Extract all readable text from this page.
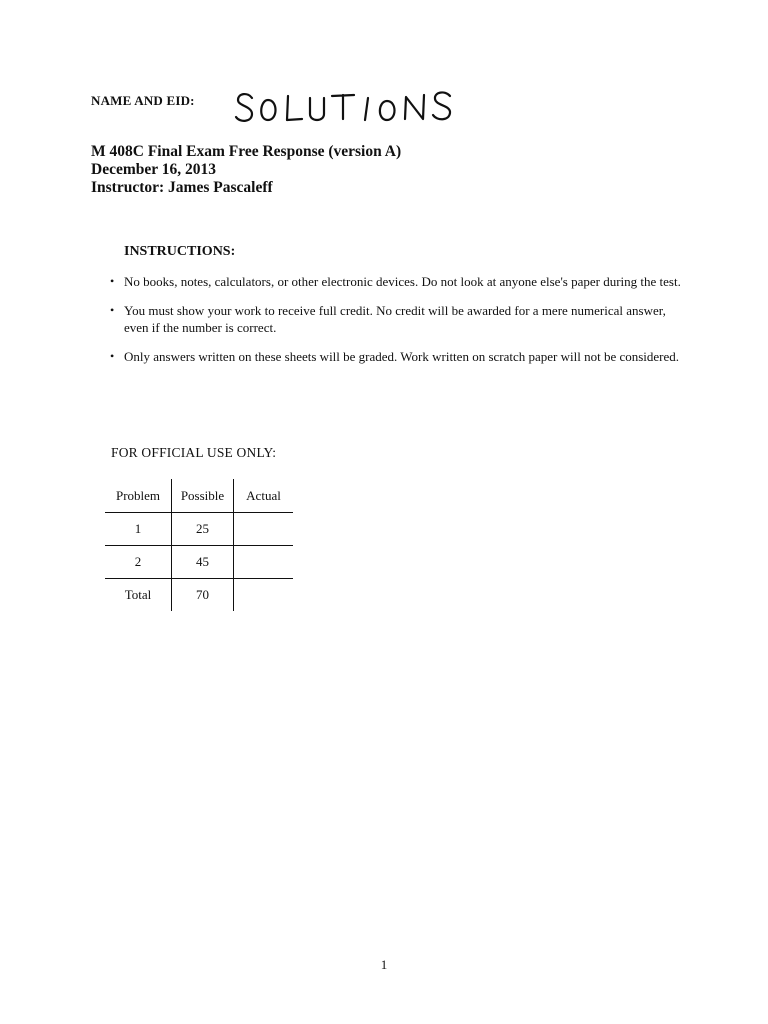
NAME AND EID:
M 408C Final Exam Free Response (version A)
December 16, 2013
Instructor: James Pascaleff
INSTRUCTIONS:
• No books, notes, calculators, or other electronic devices. Do not look at anyone else's paper during the test.
• You must show your work to receive full credit. No credit will be awarded for a mere numerical answer, even if the number is correct.
• Only answers written on these sheets will be graded. Work written on scratch paper will not be considered.
FOR OFFICIAL USE ONLY:
Problem	Possible	Actual
1	25	
2	45	
Total	70	
1
